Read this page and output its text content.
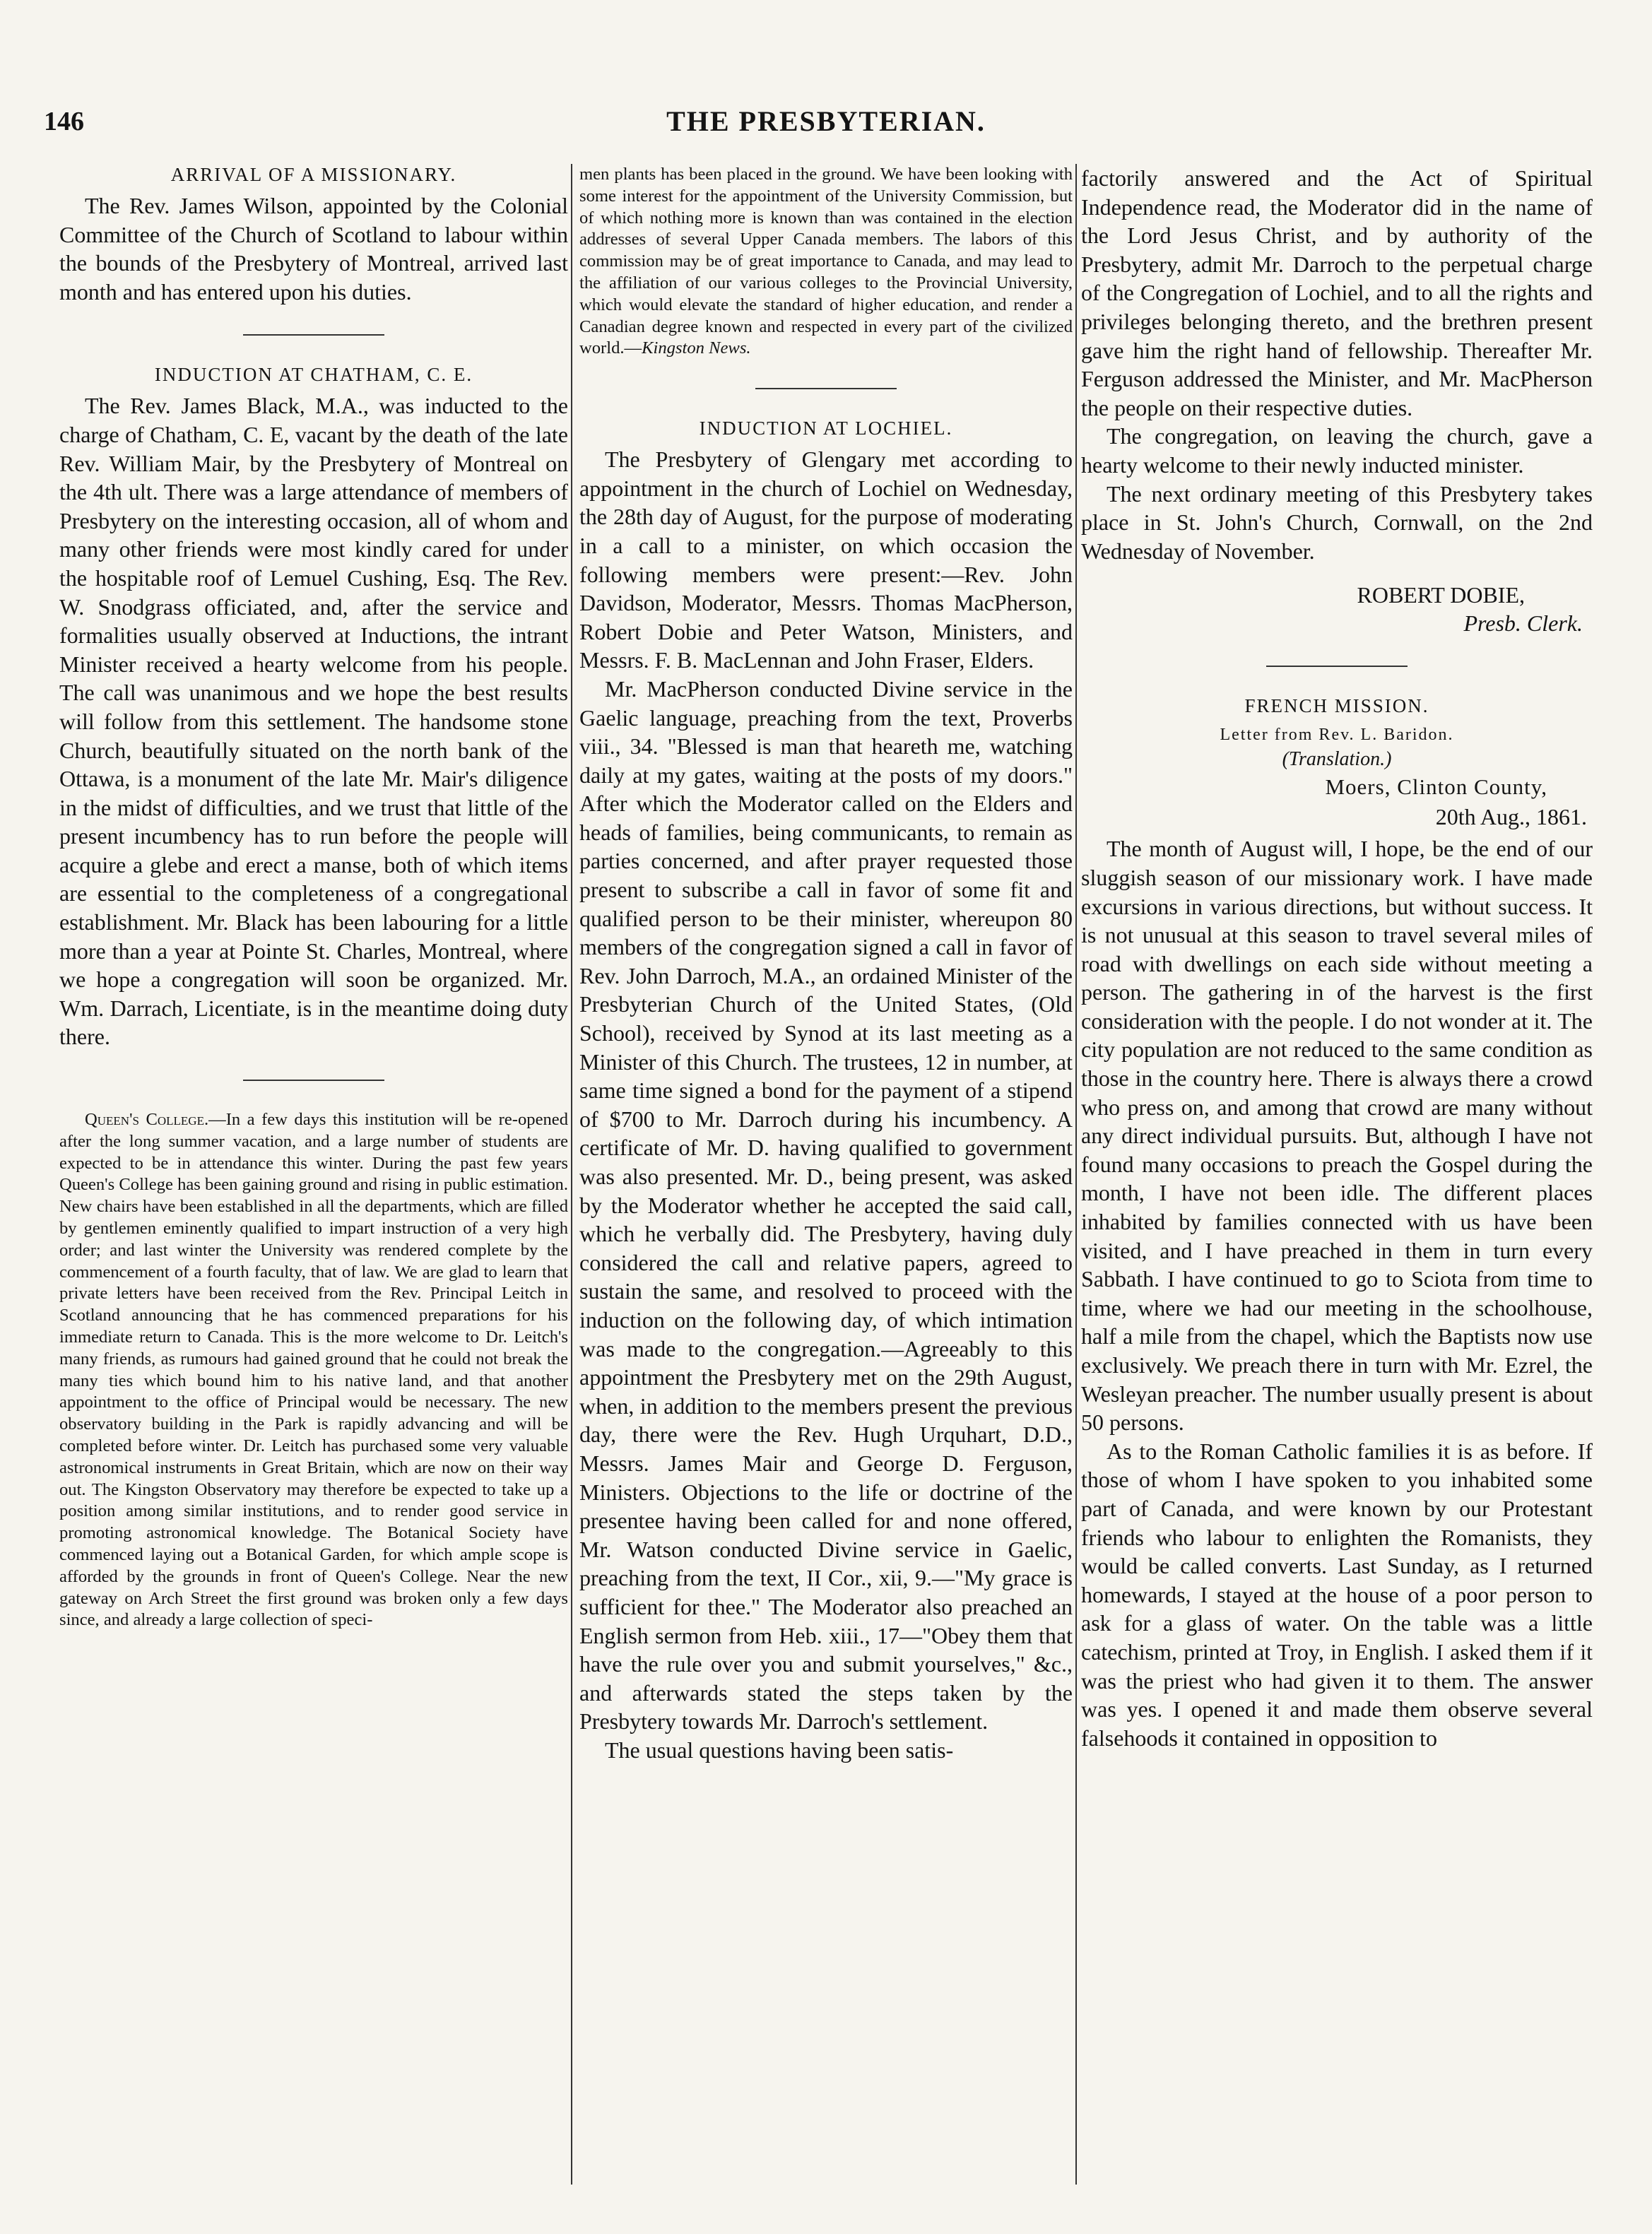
146	THE PRESBYTERIAN.
ARRIVAL OF A MISSIONARY.

The Rev. James Wilson, appointed by the Colonial Committee of the Church of Scotland to labour within the bounds of the Presbytery of Montreal, arrived last month and has entered upon his duties.

INDUCTION AT CHATHAM, C. E.

The Rev. James Black, M.A., was inducted to the charge of Chatham, C. E, vacant by the death of the late Rev. William Mair, by the Presbytery of Montreal on the 4th ult. There was a large attendance of members of Presbytery on the interesting occasion, all of whom and many other friends were most kindly cared for under the hospitable roof of Lemuel Cushing, Esq. The Rev. W. Snodgrass officiated, and, after the service and formalities usually observed at Inductions, the intrant Minister received a hearty welcome from his people. The call was unanimous and we hope the best results will follow from this settlement. The handsome stone Church, beautifully situated on the north bank of the Ottawa, is a monument of the late Mr. Mair's diligence in the midst of difficulties, and we trust that little of the present incumbency has to run before the people will acquire a glebe and erect a manse, both of which items are essential to the completeness of a congregational establishment. Mr. Black has been labouring for a little more than a year at Pointe St. Charles, Montreal, where we hope a congregation will soon be organized. Mr. Wm. Darrach, Licentiate, is in the meantime doing duty there.

Queen's College.—In a few days this institution will be re-opened after the long summer vacation, and a large number of students are expected to be in attendance this winter. During the past few years Queen's College has been gaining ground and rising in public estimation. New chairs have been established in all the departments, which are filled by gentlemen eminently qualified to impart instruction of a very high order; and last winter the University was rendered complete by the commencement of a fourth faculty, that of law. We are glad to learn that private letters have been received from the Rev. Principal Leitch in Scotland announcing that he has commenced preparations for his immediate return to Canada. This is the more welcome to Dr. Leitch's many friends, as rumours had gained ground that he could not break the many ties which bound him to his native land, and that another appointment to the office of Principal would be necessary. The new observatory building in the Park is rapidly advancing and will be completed before winter. Dr. Leitch has purchased some very valuable astronomical instruments in Great Britain, which are now on their way out. The Kingston Observatory may therefore be expected to take up a position among similar institutions, and to render good service in promoting astronomical knowledge. The Botanical Society have commenced laying out a Botanical Garden, for which ample scope is afforded by the grounds in front of Queen's College. Near the new gateway on Arch Street the first ground was broken only a few days since, and already a large collection of speci-

men plants has been placed in the ground. We have been looking with some interest for the appointment of the University Commission, but of which nothing more is known than was contained in the election addresses of several Upper Canada members. The labors of this commission may be of great importance to Canada, and may lead to the affiliation of our various colleges to the Provincial University, which would elevate the standard of higher education, and render a Canadian degree known and respected in every part of the civilized world.—Kingston News.

INDUCTION AT LOCHIEL.

The Presbytery of Glengary met according to appointment in the church of Lochiel on Wednesday, the 28th day of August, for the purpose of moderating in a call to a minister, on which occasion the following members were present:—Rev. John Davidson, Moderator, Messrs. Thomas MacPherson, Robert Dobie and Peter Watson, Ministers, and Messrs. F. B. MacLennan and John Fraser, Elders.

Mr. MacPherson conducted Divine service in the Gaelic language, preaching from the text, Proverbs viii., 34. "Blessed is man that heareth me, watching daily at my gates, waiting at the posts of my doors." After which the Moderator called on the Elders and heads of families, being communicants, to remain as parties concerned, and after prayer requested those present to subscribe a call in favor of some fit and qualified person to be their minister, whereupon 80 members of the congregation signed a call in favor of Rev. John Darroch, M.A., an ordained Minister of the Presbyterian Church of the United States, (Old School), received by Synod at its last meeting as a Minister of this Church. The trustees, 12 in number, at same time signed a bond for the payment of a stipend of $700 to Mr. Darroch during his incumbency. A certificate of Mr. D. having qualified to government was also presented. Mr. D., being present, was asked by the Moderator whether he accepted the said call, which he verbally did. The Presbytery, having duly considered the call and relative papers, agreed to sustain the same, and resolved to proceed with the induction on the following day, of which intimation was made to the congregation.—Agreeably to this appointment the Presbytery met on the 29th August, when, in addition to the members present the previous day, there were the Rev. Hugh Urquhart, D.D., Messrs. James Mair and George D. Ferguson, Ministers. Objections to the life or doctrine of the presentee having been called for and none offered, Mr. Watson conducted Divine service in Gaelic, preaching from the text, II Cor., xii, 9.—"My grace is sufficient for thee." The Moderator also preached an English sermon from Heb. xiii., 17—"Obey them that have the rule over you and submit yourselves," &c., and afterwards stated the steps taken by the Presbytery towards Mr. Darroch's settlement.

The usual questions having been satis-

factorily answered and the Act of Spiritual Independence read, the Moderator did in the name of the Lord Jesus Christ, and by authority of the Presbytery, admit Mr. Darroch to the perpetual charge of the Congregation of Lochiel, and to all the rights and privileges belonging thereto, and the brethren present gave him the right hand of fellowship. Thereafter Mr. Ferguson addressed the Minister, and Mr. MacPherson the people on their respective duties.

The congregation, on leaving the church, gave a hearty welcome to their newly inducted minister.

The next ordinary meeting of this Presbytery takes place in St. John's Church, Cornwall, on the 2nd Wednesday of November.

ROBERT DOBIE,
Presb. Clerk.
FRENCH MISSION.
Letter from Rev. L. Baridon.
(Translation.)
Moers, Clinton County,
20th Aug., 1861.

The month of August will, I hope, be the end of our sluggish season of our missionary work. I have made excursions in various directions, but without success. It is not unusual at this season to travel several miles of road with dwellings on each side without meeting a person. The gathering in of the harvest is the first consideration with the people. I do not wonder at it. The city population are not reduced to the same condition as those in the country here. There is always there a crowd who press on, and among that crowd are many without any direct individual pursuits. But, although I have not found many occasions to preach the Gospel during the month, I have not been idle. The different places inhabited by families connected with us have been visited, and I have preached in them in turn every Sabbath. I have continued to go to Sciota from time to time, where we had our meeting in the schoolhouse, half a mile from the chapel, which the Baptists now use exclusively. We preach there in turn with Mr. Ezrel, the Wesleyan preacher. The number usually present is about 50 persons.

As to the Roman Catholic families it is as before. If those of whom I have spoken to you inhabited some part of Canada, and were known by our Protestant friends who labour to enlighten the Romanists, they would be called converts. Last Sunday, as I returned homewards, I stayed at the house of a poor person to ask for a glass of water. On the table was a little catechism, printed at Troy, in English. I asked them if it was the priest who had given it to them. The answer was yes. I opened it and made them observe several falsehoods it contained in opposition to
